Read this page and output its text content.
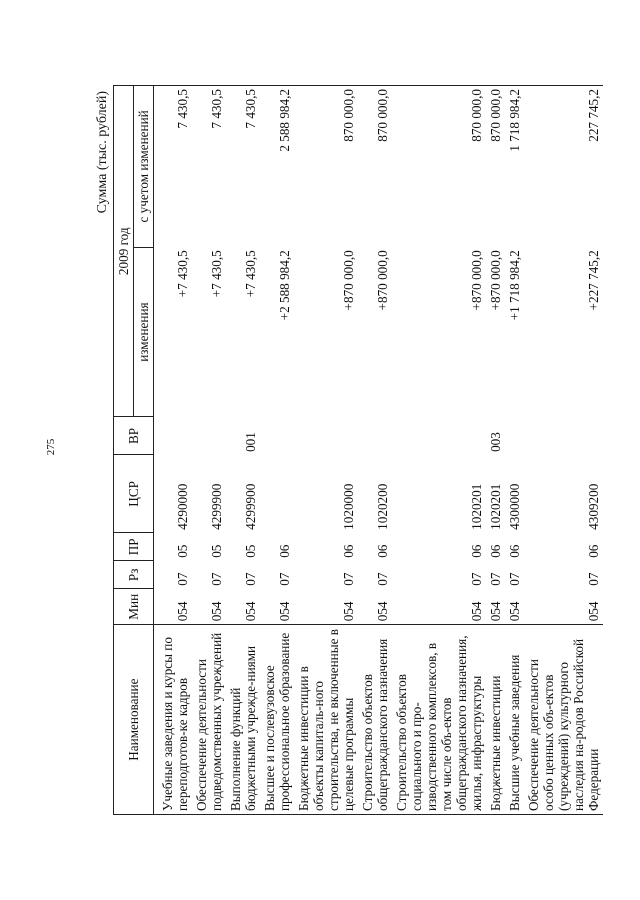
275
Сумма (тыс. рублей)
Наименование	Мин	Рз	ПР	ЦСР	ВР	2009 год	
						изменения	с учетом изменений
Учебные заведения и курсы по переподготов-ке кадров	054	07	05	4290000		+7 430,5	7 430,5
Обеспечение деятельности подведомственных учреждений	054	07	05	4299900		+7 430,5	7 430,5
Выполнение функций бюджетными учрежде-ниями	054	07	05	4299900	001	+7 430,5	7 430,5
Высшее и послевузовское профессиональное образование	054	07	06			+2 588 984,2	2 588 984,2
Бюджетные инвестиции в объекты капиталь-ного строительства, не включенные в целевые программы	054	07	06	1020000		+870 000,0	870 000,0
Строительство объектов общегражданского назначения	054	07	06	1020200		+870 000,0	870 000,0
Строительство объектов социального и про-изводственного комплексов, в том числе объ-ектов общегражданского назначения, жилья, инфраструктуры	054	07	06	1020201		+870 000,0	870 000,0
Бюджетные инвестиции	054	07	06	1020201	003	+870 000,0	870 000,0
Высшие учебные заведения	054	07	06	4300000		+1 718 984,2	1 718 984,2
Обеспечение деятельности особо ценных объ-ектов (учреждений) культурного наследия на-родов Российской Федерации	054	07	06	4309200		+227 745,2	227 745,2
